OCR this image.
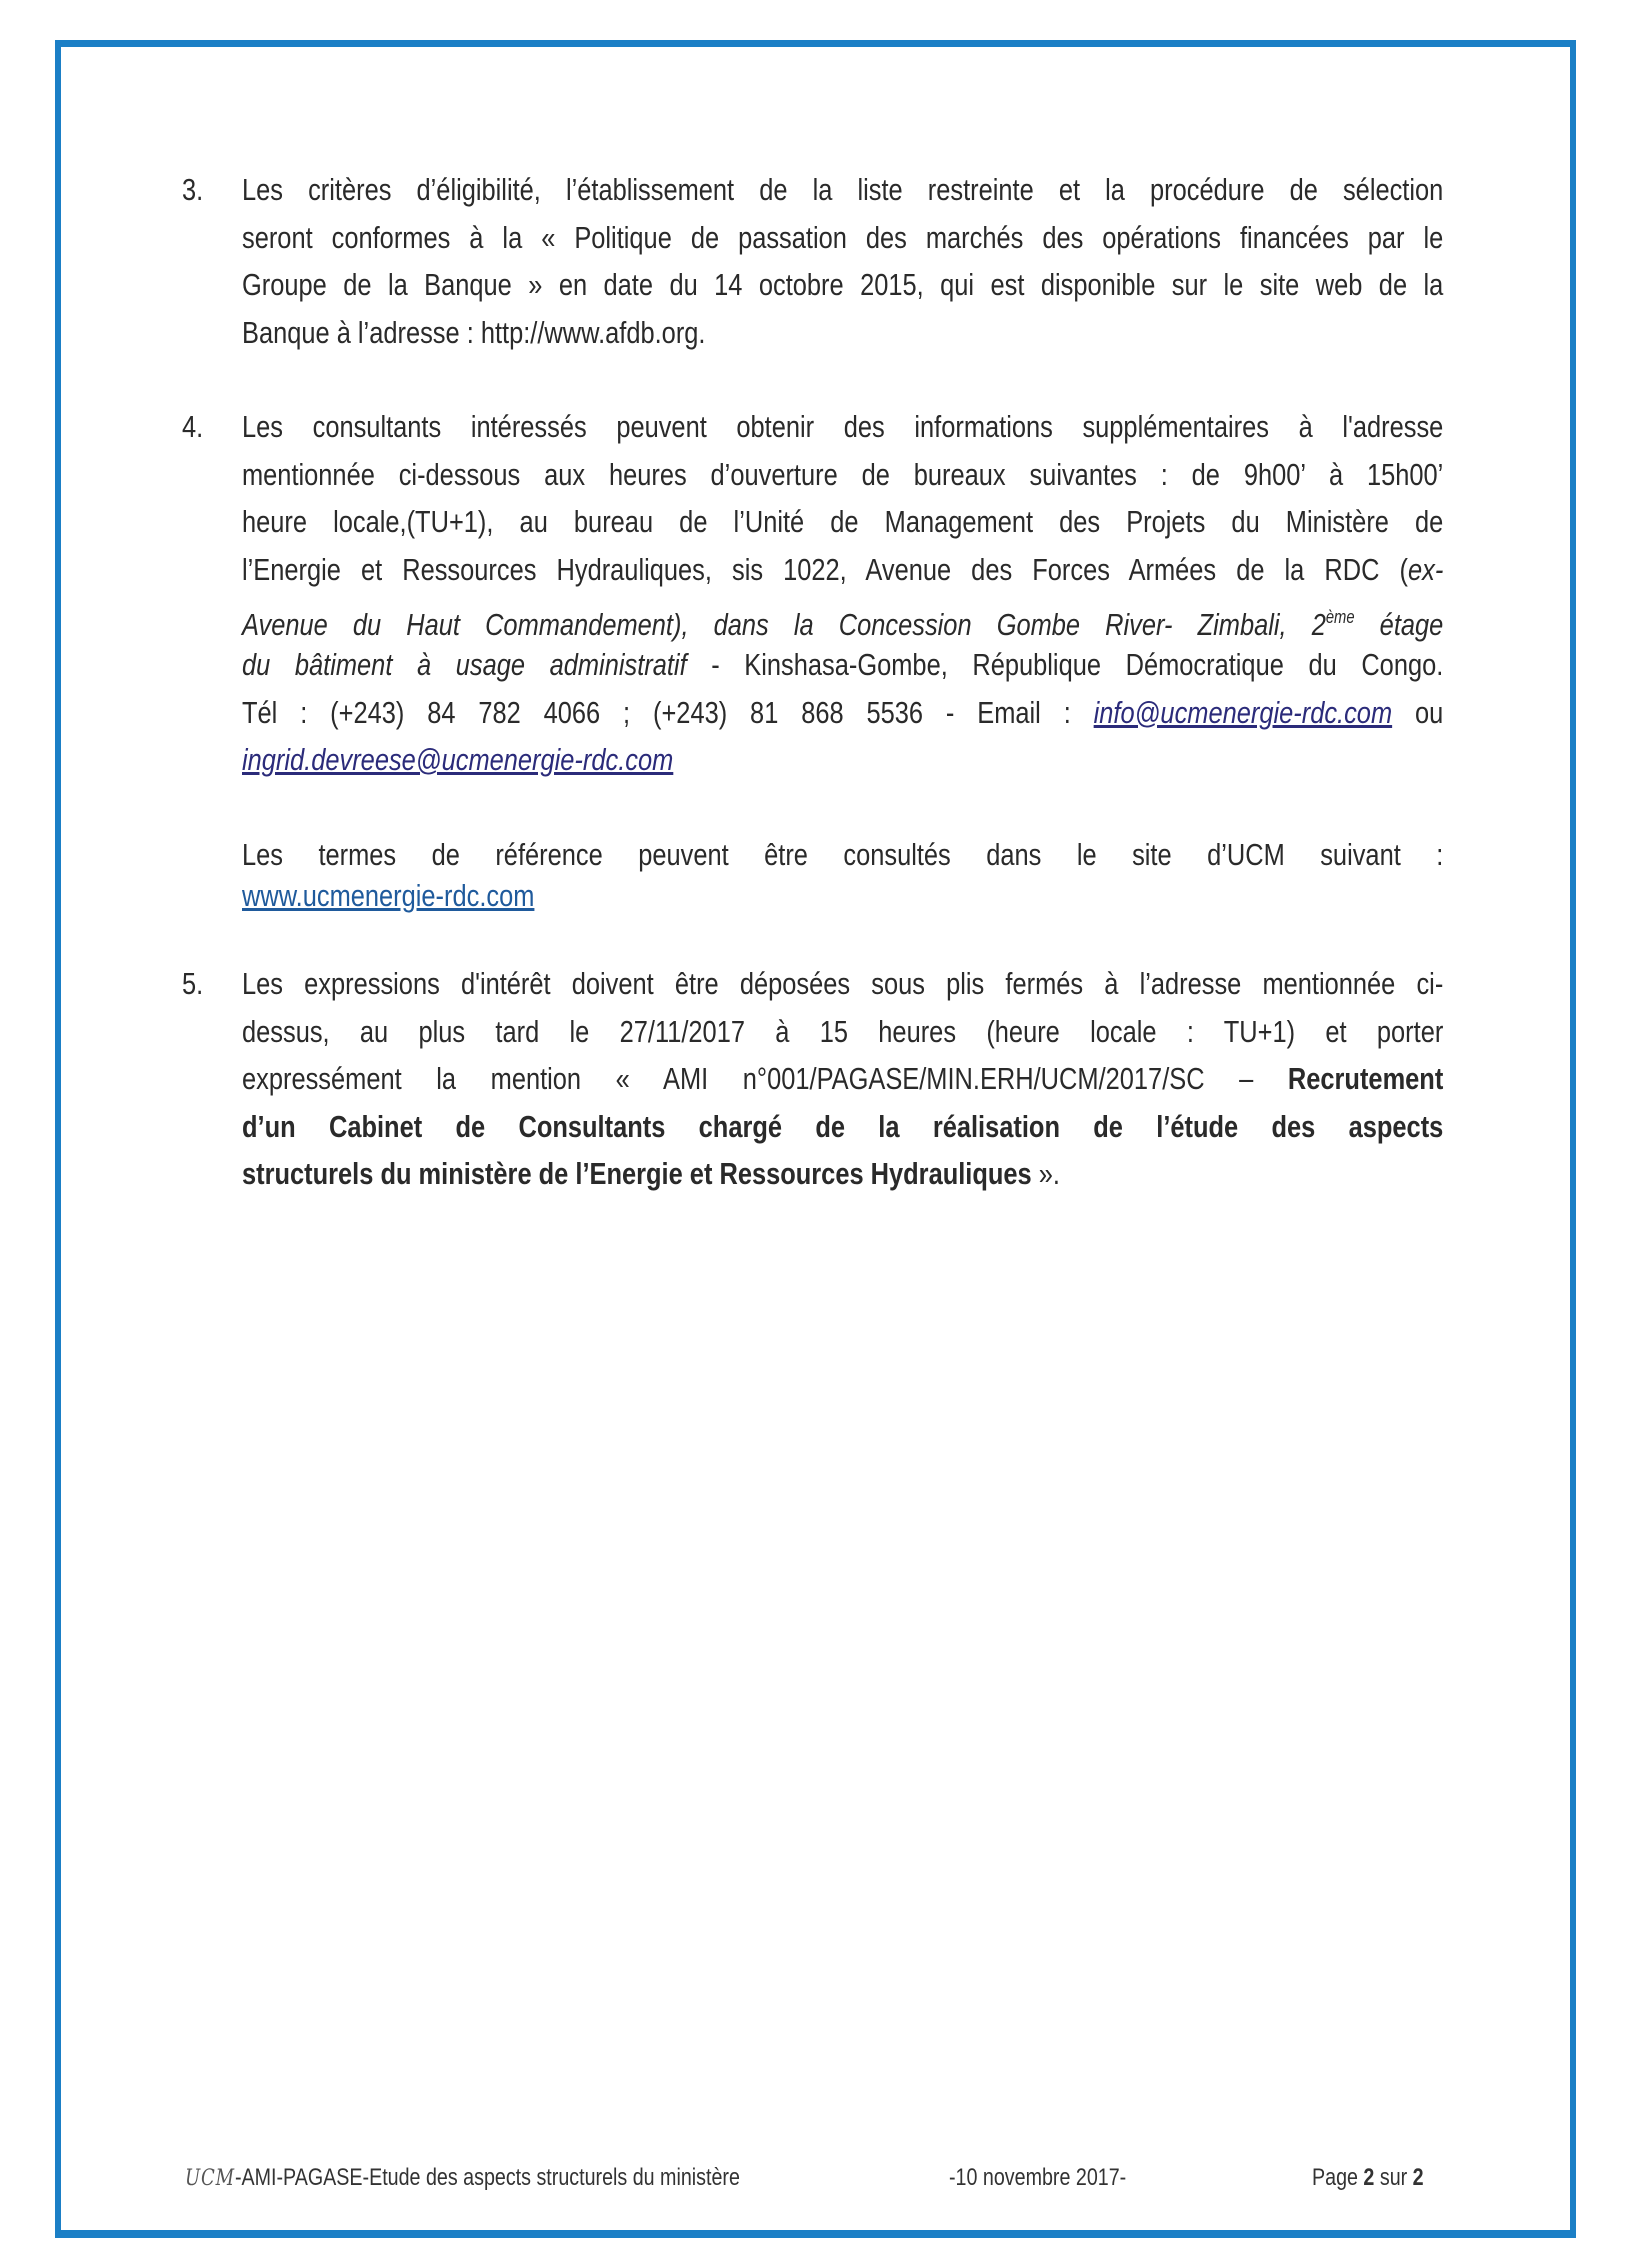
3. Les critères d’éligibilité, l’établissement de la liste restreinte et la procédure de sélection
seront conformes à la « Politique de passation des marchés des opérations financées par le
Groupe de la Banque » en date du 14 octobre 2015, qui est disponible sur le site web de la
Banque à l’adresse : http://www.afdb.org.
4. Les consultants intéressés peuvent obtenir des informations supplémentaires à l'adresse
mentionnée ci-dessous aux heures d’ouverture de bureaux suivantes : de 9h00’ à 15h00’
heure locale,(TU+1), au bureau de l’Unité de Management des Projets du Ministère de
l’Energie et Ressources Hydrauliques, sis 1022, Avenue des Forces Armées de la RDC (ex-
Avenue du Haut Commandement), dans la Concession Gombe River- Zimbali, 2ème étage
du bâtiment à usage administratif - Kinshasa-Gombe, République Démocratique du Congo.
Tél : (+243) 84 782 4066 ; (+243) 81 868 5536 - Email : info@ucmenergie-rdc.com ou
ingrid.devreese@ucmenergie-rdc.com
Les termes de référence peuvent être consultés dans le site d’UCM suivant :
www.ucmenergie-rdc.com
5. Les expressions d'intérêt doivent être déposées sous plis fermés à l’adresse mentionnée ci-
dessus, au plus tard le 27/11/2017 à 15 heures (heure locale : TU+1) et porter
expressément la mention « AMI n°001/PAGASE/MIN.ERH/UCM/2017/SC – Recrutement
d’un Cabinet de Consultants chargé de la réalisation de l’étude des aspects
structurels du ministère de l’Energie et Ressources Hydrauliques ».
UCM-AMI-PAGASE-Etude des aspects structurels du ministère	-10 novembre 2017-	Page 2 sur 2
